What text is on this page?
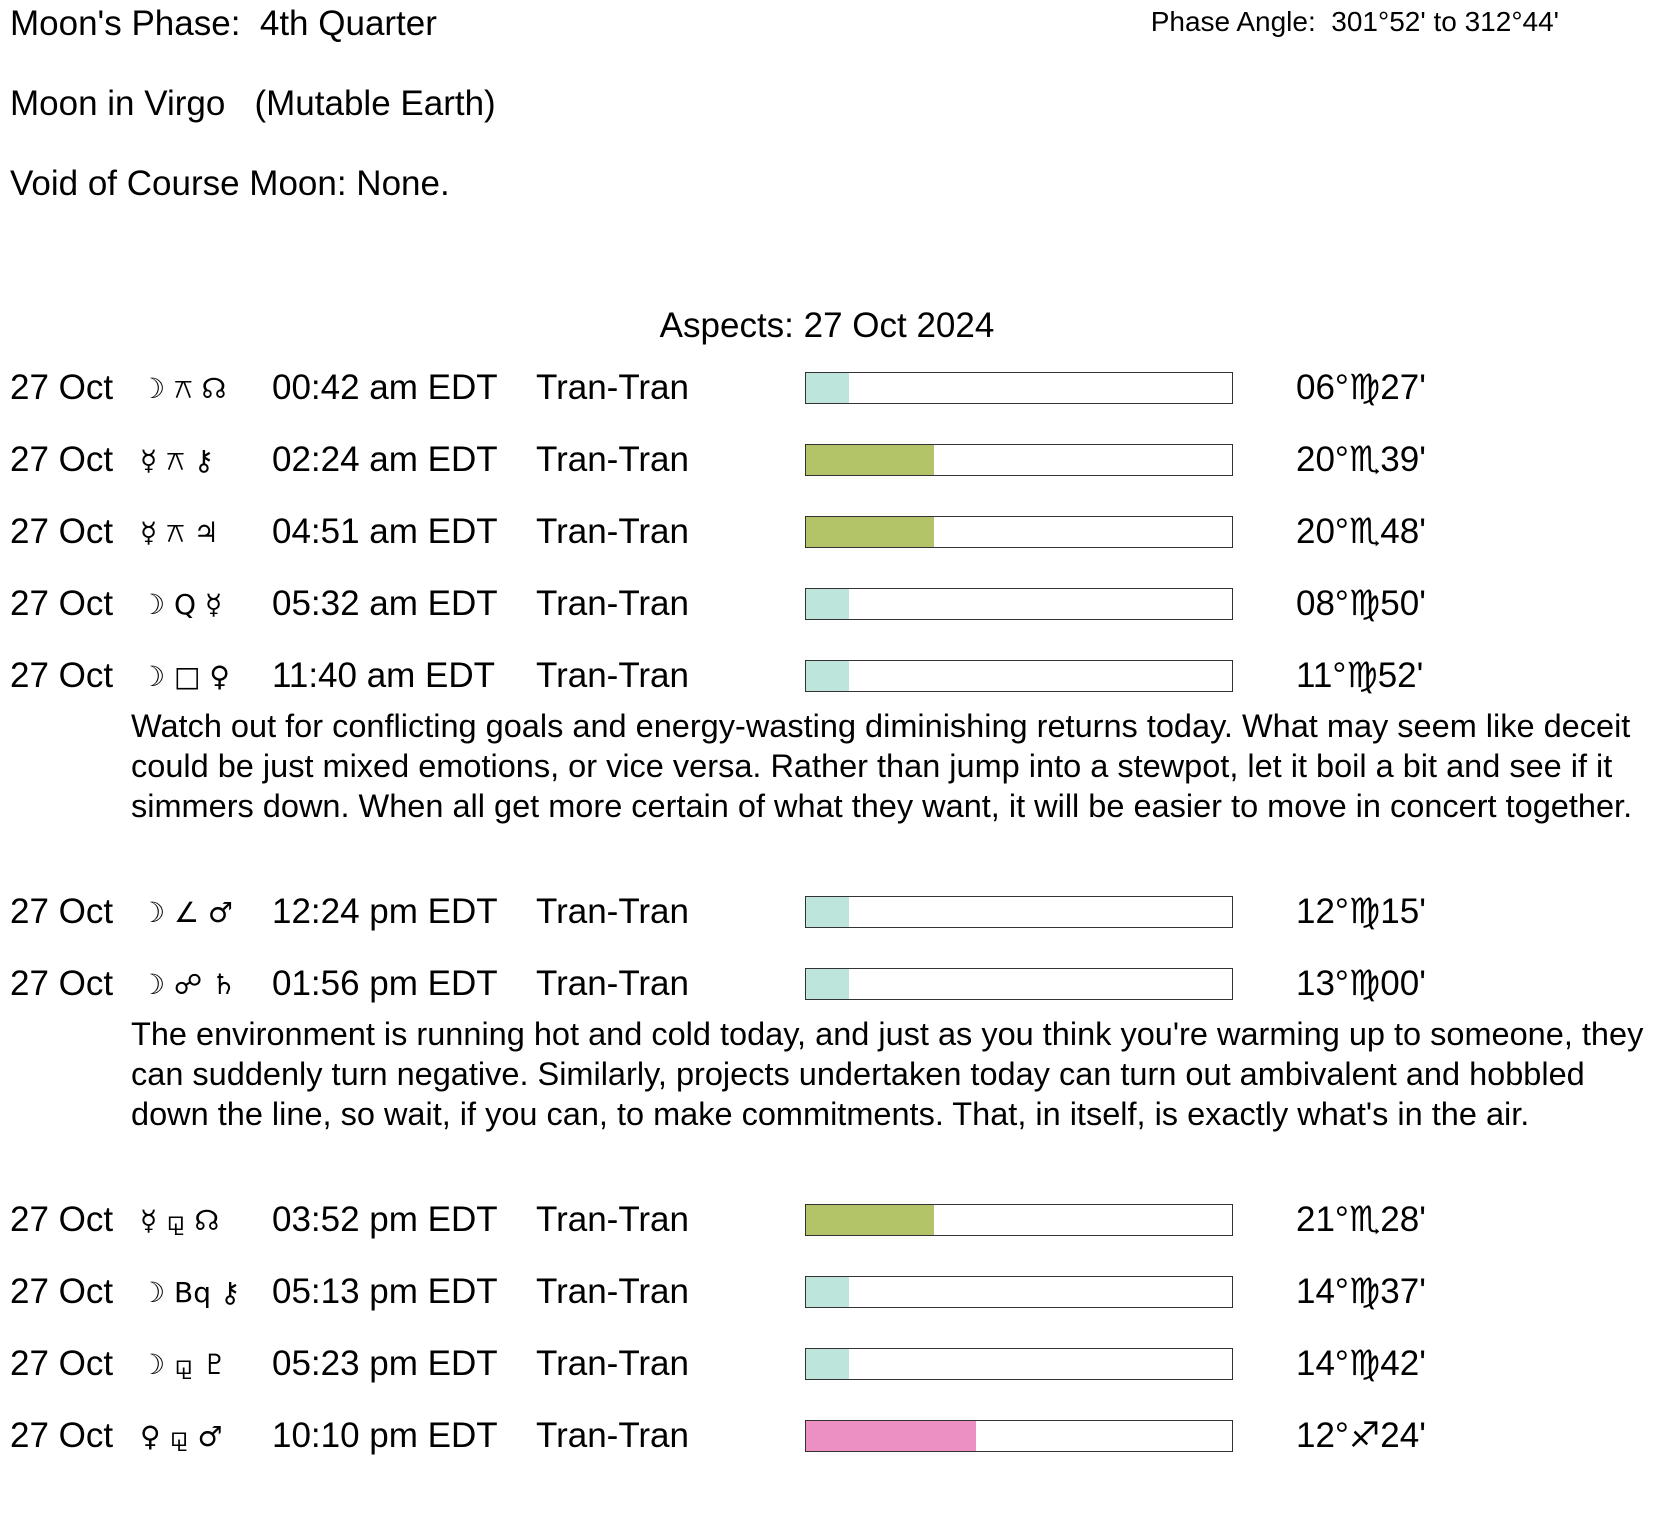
Moon's Phase:  4th Quarter	Phase Angle:  301°52' to 312°44'
Moon in Virgo   (Mutable Earth)
Void of Course Moon: None.
Aspects: 27 Oct 2024
27 Oct ☽ ⚻ ☊ 00:42 am EDT Tran-Tran	06°♍27'
27 Oct ☿ ⚻ ⚷ 02:24 am EDT Tran-Tran	20°♏39'
27 Oct ☿ ⚻ ♃ 04:51 am EDT Tran-Tran	20°♏48'
27 Oct ☽ Q ☿ 05:32 am EDT Tran-Tran	08°♍50'
27 Oct ☽ □ ♀ 11:40 am EDT Tran-Tran	11°♍52'
Watch out for conflicting goals and energy-wasting diminishing returns today. What may seem like deceit could be just mixed emotions, or vice versa. Rather than jump into a stewpot, let it boil a bit and see if it simmers down. When all get more certain of what they want, it will be easier to move in concert together.
27 Oct ☽ ∠ ♂ 12:24 pm EDT Tran-Tran	12°♍15'
27 Oct ☽ ☍ ♄ 01:56 pm EDT Tran-Tran	13°♍00'
The environment is running hot and cold today, and just as you think you're warming up to someone, they can suddenly turn negative. Similarly, projects undertaken today can turn out ambivalent and hobbled down the line, so wait, if you can, to make commitments. That, in itself, is exactly what's in the air.
27 Oct ☿ ⚼ ☊ 03:52 pm EDT Tran-Tran	21°♏28'
27 Oct ☽ Bq ⚷ 05:13 pm EDT Tran-Tran	14°♍37'
27 Oct ☽ ⚼ ♇ 05:23 pm EDT Tran-Tran	14°♍42'
27 Oct ♀ ⚼ ♂ 10:10 pm EDT Tran-Tran	12°♐24'
